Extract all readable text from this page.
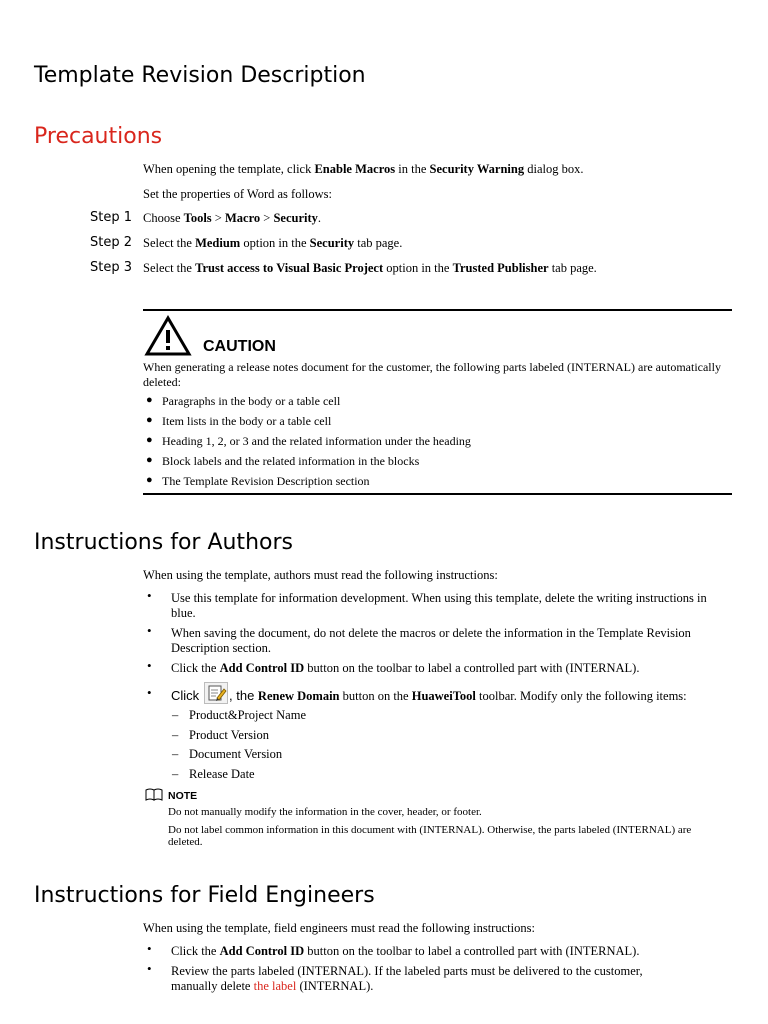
Template Revision Description
Precautions

When opening the template, click Enable Macros in the Security Warning dialog box.

Set the properties of Word as follows:

Step 1 Choose Tools > Macro > Security.
Step 2 Select the Medium option in the Security tab page.
Step 3 Select the Trust access to Visual Basic Project option in the Trusted Publisher tab page.
CAUTION

When generating a release notes document for the customer, the following parts labeled (INTERNAL) are automatically deleted:

● Paragraphs in the body or a table cell
● Item lists in the body or a table cell
● Heading 1, 2, or 3 and the related information under the heading
● Block labels and the related information in the blocks
● The Template Revision Description section
Instructions for Authors

When using the template, authors must read the following instructions:

• Use this template for information development. When using this template, delete the writing instructions in blue.

• When saving the document, do not delete the macros or delete the information in the Template Revision Description section.

• Click the Add Control ID button on the toolbar to label a controlled part with (INTERNAL).

• Click , the Renew Domain button on the HuaweiTool toolbar. Modify only the following items:
– Product&Project Name
– Product Version
– Document Version
– Release Date
NOTE

Do not manually modify the information in the cover, header, or footer.

Do not label common information in this document with (INTERNAL). Otherwise, the parts labeled (INTERNAL) are deleted.

Instructions for Field Engineers

When using the template, field engineers must read the following instructions:

• Click the Add Control ID button on the toolbar to label a controlled part with (INTERNAL).

• Review the parts labeled (INTERNAL). If the labeled parts must be delivered to the customer, manually delete the label (INTERNAL).
